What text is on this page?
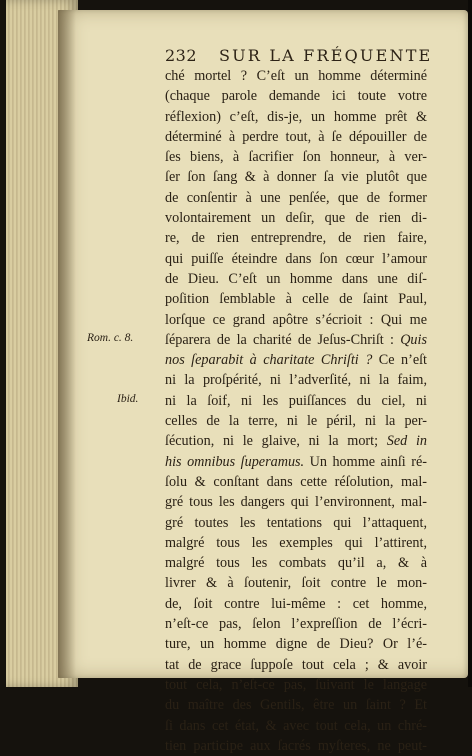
232 SUR LA FRÉQUENTE
ché mortel ? C’eſt un homme déterminé
(chaque parole demande ici toute votre
réflexion) c’eſt, dis-je, un homme prêt &
déterminé à perdre tout, à ſe dépouiller de
ſes biens, à ſacrifier ſon honneur, à ver-
ſer ſon ſang & à donner ſa vie plutôt que
de conſentir à une penſée, que de former
volontairement un deſir, que de rien di-
re, de rien entreprendre, de rien faire,
qui puiſſe éteindre dans ſon cœur l’amour
de Dieu. C’eſt un homme dans une diſ-
poſition ſemblable à celle de ſaint Paul,
lorſque ce grand apôtre s’écrioit : Qui me
ſéparera de la charité de Jeſus-Chriſt : Quis
nos ſeparabit à charitate Chriſti ? Ce n’eſt
ni la proſpérité, ni l’adverſité, ni la faim,
ni la ſoif, ni les puiſſances du ciel, ni
celles de la terre, ni le péril, ni la per-
ſécution, ni le glaive, ni la mort; Sed in
his omnibus ſuperamus. Un homme ainſi ré-
ſolu & conſtant dans cette réſolution, mal-
gré tous les dangers qui l’environnent, mal-
gré toutes les tentations qui l’attaquent,
malgré tous les exemples qui l’attirent,
malgré tous les combats qu’il a, & à
livrer & à ſoutenir, ſoit contre le mon-
de, ſoit contre lui-même : cet homme,
n’eſt-ce pas, ſelon l’expreſſion de l’écri-
ture, un homme digne de Dieu? Or l’é-
tat de grace ſuppoſe tout cela ; & avoir
tout cela, n’eſt-ce pas, ſuivant le langage
du maître des Gentils, être un ſaint ? Et
ſi dans cet état, & avec tout cela, un chré-
tien participe aux ſacrés myſteres, ne peut-
Rom. c. 8.
Ibid.
